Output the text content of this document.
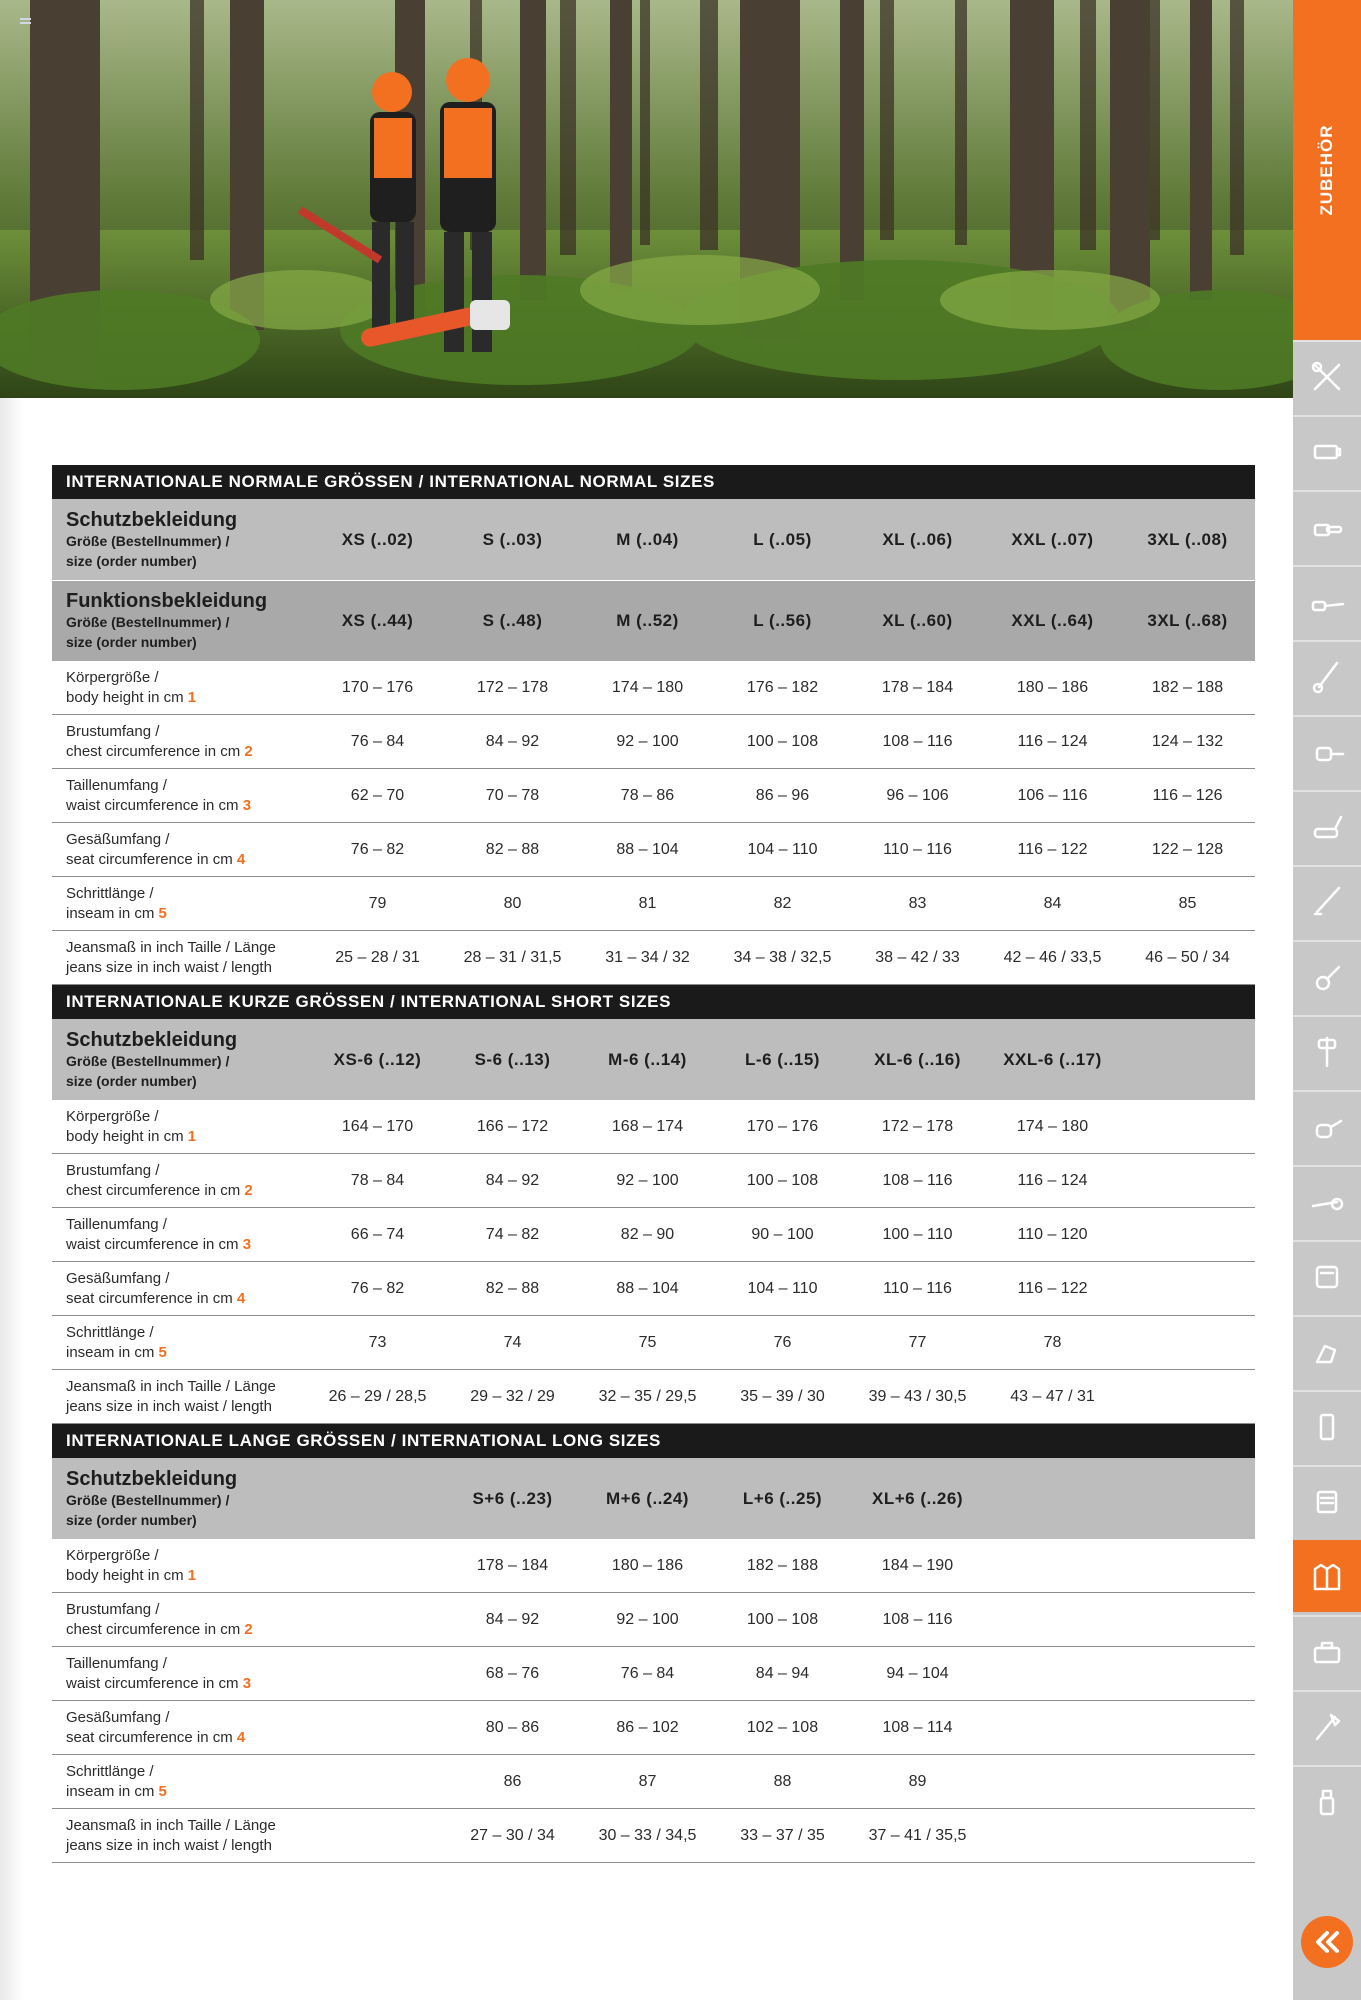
ZUBEHÖR
INTERNATIONALE NORMALE GRÖSSEN / INTERNATIONAL NORMAL SIZES
Schutzbekleidung
Größe (Bestellnummer) /
size (order number)
XS (..02)	S (..03)	M (..04)	L (..05)	XL (..06)	XXL (..07)	3XL (..08)
Funktionsbekleidung
Größe (Bestellnummer) /
size (order number)
XS (..44)	S (..48)	M (..52)	L (..56)	XL (..60)	XXL (..64)	3XL (..68)
Körpergröße /
body height in cm 1
170 – 176	172 – 178	174 – 180	176 – 182	178 – 184	180 – 186	182 – 188
Brustumfang /
chest circumference in cm 2
76 – 84	84 – 92	92 – 100	100 – 108	108 – 116	116 – 124	124 – 132
Taillenumfang /
waist circumference in cm 3
62 – 70	70 – 78	78 – 86	86 – 96	96 – 106	106 – 116	116 – 126
Gesäßumfang /
seat circumference in cm 4
76 – 82	82 – 88	88 – 104	104 – 110	110 – 116	116 – 122	122 – 128
Schrittlänge /
inseam in cm 5
79	80	81	82	83	84	85
Jeansmaß in inch Taille / Länge
jeans size in inch waist / length
25 – 28 / 31	28 – 31 / 31,5	31 – 34 / 32	34 – 38 / 32,5	38 – 42 / 33	42 – 46 / 33,5	46 – 50 / 34
INTERNATIONALE KURZE GRÖSSEN / INTERNATIONAL SHORT SIZES
Schutzbekleidung
Größe (Bestellnummer) /
size (order number)
XS-6 (..12)	S-6 (..13)	M-6 (..14)	L-6 (..15)	XL-6 (..16)	XXL-6 (..17)
Körpergröße /
body height in cm 1
164 – 170	166 – 172	168 – 174	170 – 176	172 – 178	174 – 180
Brustumfang /
chest circumference in cm 2
78 – 84	84 – 92	92 – 100	100 – 108	108 – 116	116 – 124
Taillenumfang /
waist circumference in cm 3
66 – 74	74 – 82	82 – 90	90 – 100	100 – 110	110 – 120
Gesäßumfang /
seat circumference in cm 4
76 – 82	82 – 88	88 – 104	104 – 110	110 – 116	116 – 122
Schrittlänge /
inseam in cm 5
73	74	75	76	77	78
Jeansmaß in inch Taille / Länge
jeans size in inch waist / length
26 – 29 / 28,5	29 – 32 / 29	32 – 35 / 29,5	35 – 39 / 30	39 – 43 / 30,5	43 – 47 / 31
INTERNATIONALE LANGE GRÖSSEN / INTERNATIONAL LONG SIZES
Schutzbekleidung
Größe (Bestellnummer) /
size (order number)
S+6 (..23)	M+6 (..24)	L+6 (..25)	XL+6 (..26)
Körpergröße /
body height in cm 1
178 – 184	180 – 186	182 – 188	184 – 190
Brustumfang /
chest circumference in cm 2
84 – 92	92 – 100	100 – 108	108 – 116
Taillenumfang /
waist circumference in cm 3
68 – 76	76 – 84	84 – 94	94 – 104
Gesäßumfang /
seat circumference in cm 4
80 – 86	86 – 102	102 – 108	108 – 114
Schrittlänge /
inseam in cm 5
86	87	88	89
Jeansmaß in inch Taille / Länge
jeans size in inch waist / length
27 – 30 / 34	30 – 33 / 34,5	33 – 37 / 35	37 – 41 / 35,5
